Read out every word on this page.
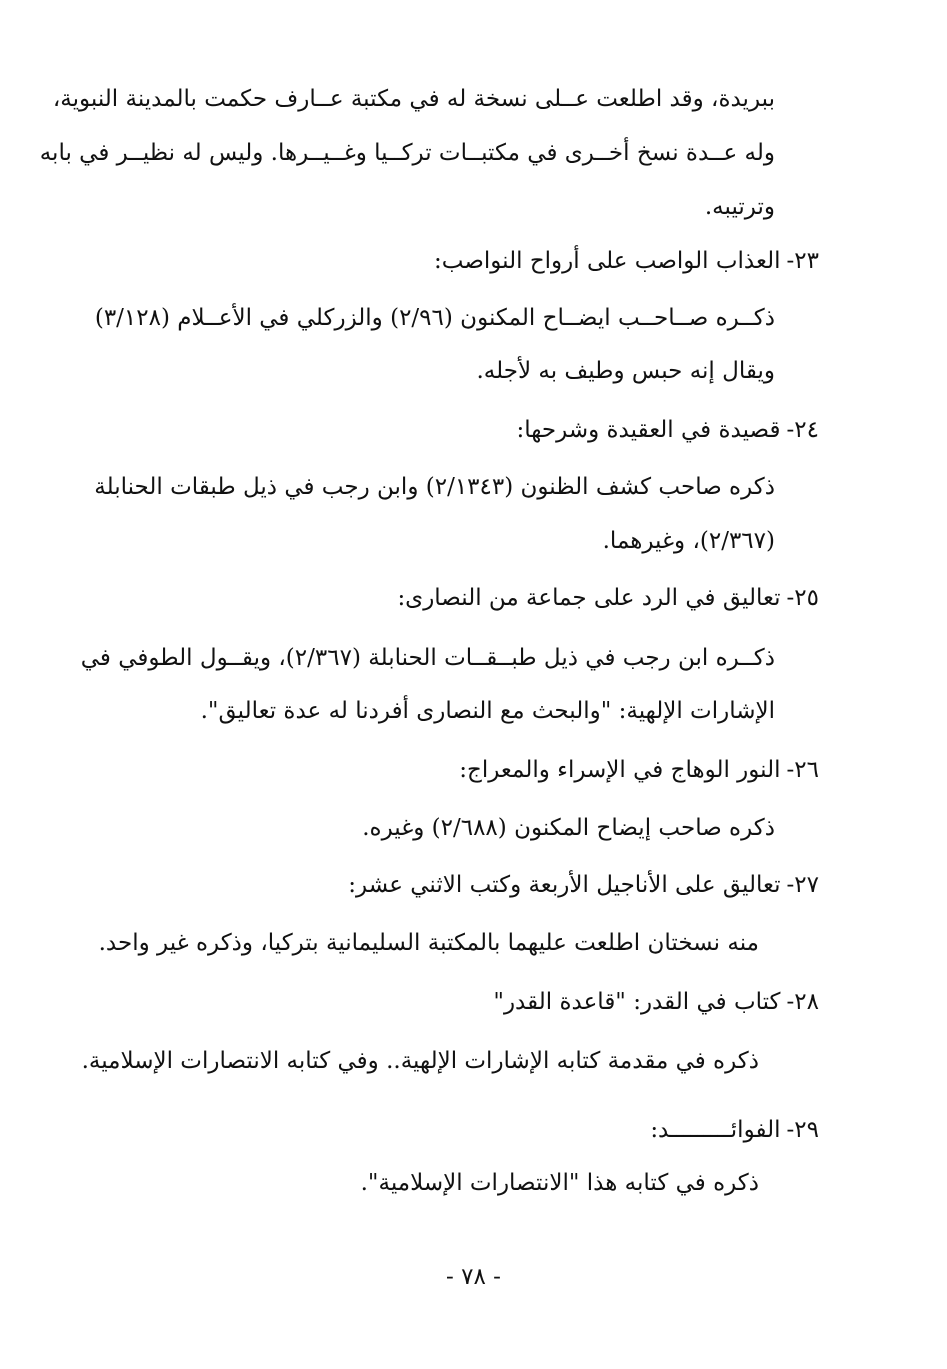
ببريدة، وقد اطلعت عــلى نسخة له في مكتبة عــارف حكمت بالمدينة النبوية،
وله عــدة نسخ أخــرى في مكتبــات تركــيا وغــيــرها. وليس له نظيــر في بابه
وترتيبه.
٢٣-العذاب الواصب على أرواح النواصب:
ذكــره صــاحــب ايضــاح المكنون (٢/٩٦) والزركلي في الأعــلام (٣/١٢٨)
ويقال إنه حبس وطيف به لأجله.
٢٤-قصيدة في العقيدة وشرحها:
ذكره صاحب كشف الظنون (٢/١٣٤٣) وابن رجب في ذيل طبقات الحنابلة
(٢/٣٦٧)، وغيرهما.
٢٥-تعاليق في الرد على جماعة من النصارى:
ذكــره ابن رجب في ذيل طبــقــات الحنابلة (٢/٣٦٧)، ويقــول الطوفي في
الإشارات الإلهية: "والبحث مع النصارى أفردنا له عدة تعاليق".
٢٦-النور الوهاج في الإسراء والمعراج:
ذكره صاحب إيضاح المكنون (٢/٦٨٨) وغيره.
٢٧-تعاليق على الأناجيل الأربعة وكتب الاثني عشر:
منه نسختان اطلعت عليهما بالمكتبة السليمانية بتركيا، وذكره غير واحد.
٢٨-كتاب في القدر: "قاعدة القدر"
ذكره في مقدمة كتابه الإشارات الإلهية.. وفي كتابه الانتصارات الإسلامية.
٢٩-الفوائـــــــــد:
ذكره في كتابه هذا "الانتصارات الإسلامية".
- ٧٨ -
